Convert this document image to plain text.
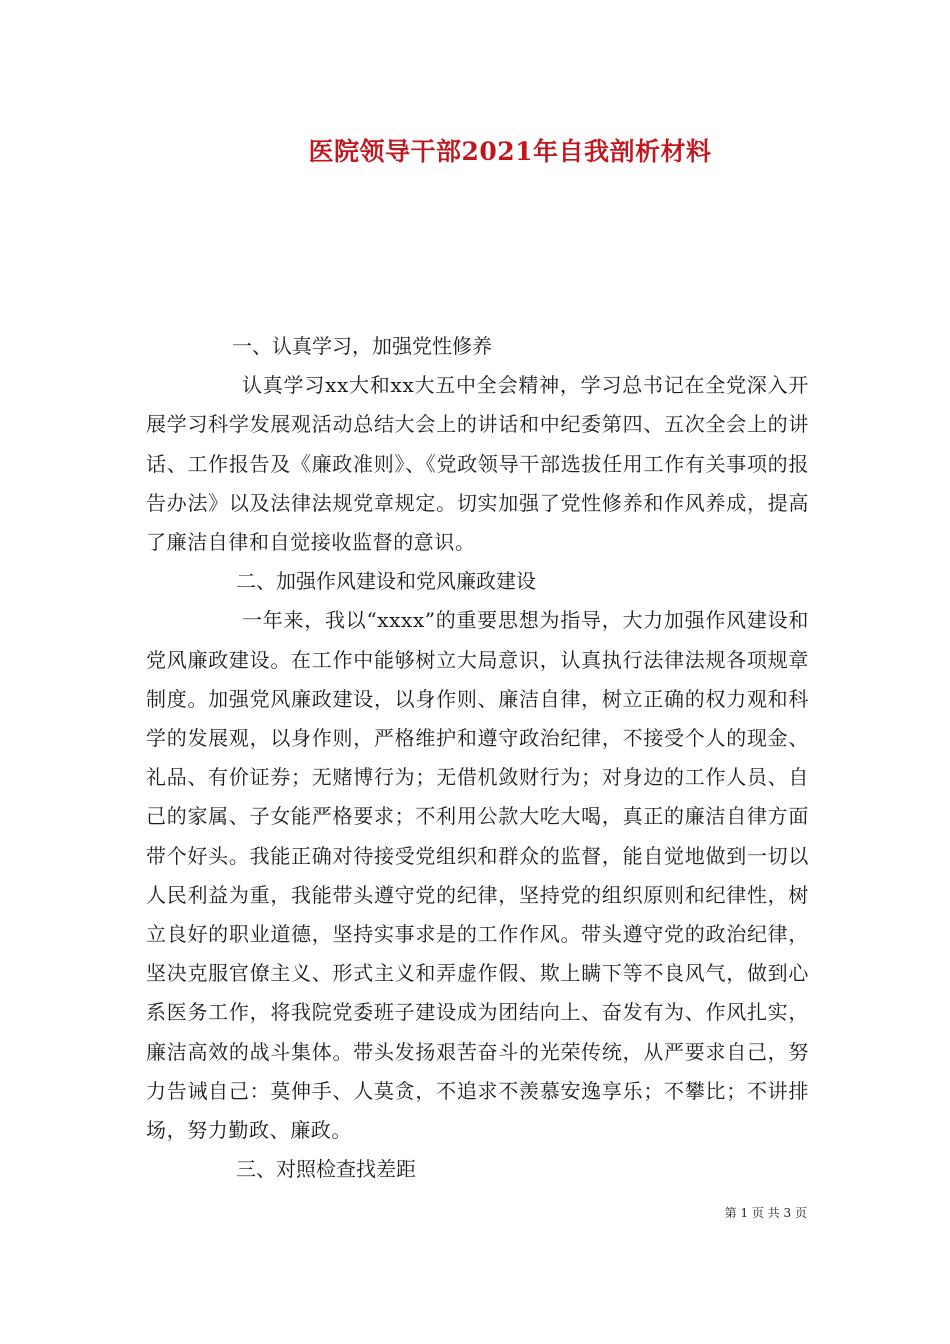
医院领导干部2021年自我剖析材料

一、认真学习，加强党性修养

认真学习xx大和xx大五中全会精神，学习总书记在全党深入开展学习科学发展观活动总结大会上的讲话和中纪委第四、五次全会上的讲话、工作报告及《廉政准则》、《党政领导干部选拔任用工作有关事项的报告办法》以及法律法规党章规定。切实加强了党性修养和作风养成，提高了廉洁自律和自觉接收监督的意识。

二、加强作风建设和党风廉政建设

一年来，我以“xxxx”的重要思想为指导，大力加强作风建设和党风廉政建设。在工作中能够树立大局意识，认真执行法律法规各项规章制度。加强党风廉政建设，以身作则、廉洁自律，树立正确的权力观和科学的发展观，以身作则，严格维护和遵守政治纪律，不接受个人的现金、礼品、有价证券；无赌博行为；无借机敛财行为；对身边的工作人员、自己的家属、子女能严格要求；不利用公款大吃大喝，真正的廉洁自律方面带个好头。我能正确对待接受党组织和群众的监督，能自觉地做到一切以人民利益为重，我能带头遵守党的纪律，坚持党的组织原则和纪律性，树立良好的职业道德，坚持实事求是的工作作风。带头遵守党的政治纪律，坚决克服官僚主义、形式主义和弄虚作假、欺上瞒下等不良风气，做到心系医务工作，将我院党委班子建设成为团结向上、奋发有为、作风扎实，廉洁高效的战斗集体。带头发扬艰苦奋斗的光荣传统，从严要求自己，努力告诫自己：莫伸手、人莫贪，不追求不羡慕安逸享乐；不攀比；不讲排场，努力勤政、廉政。

三、对照检查找差距

第 1 页 共 3 页
